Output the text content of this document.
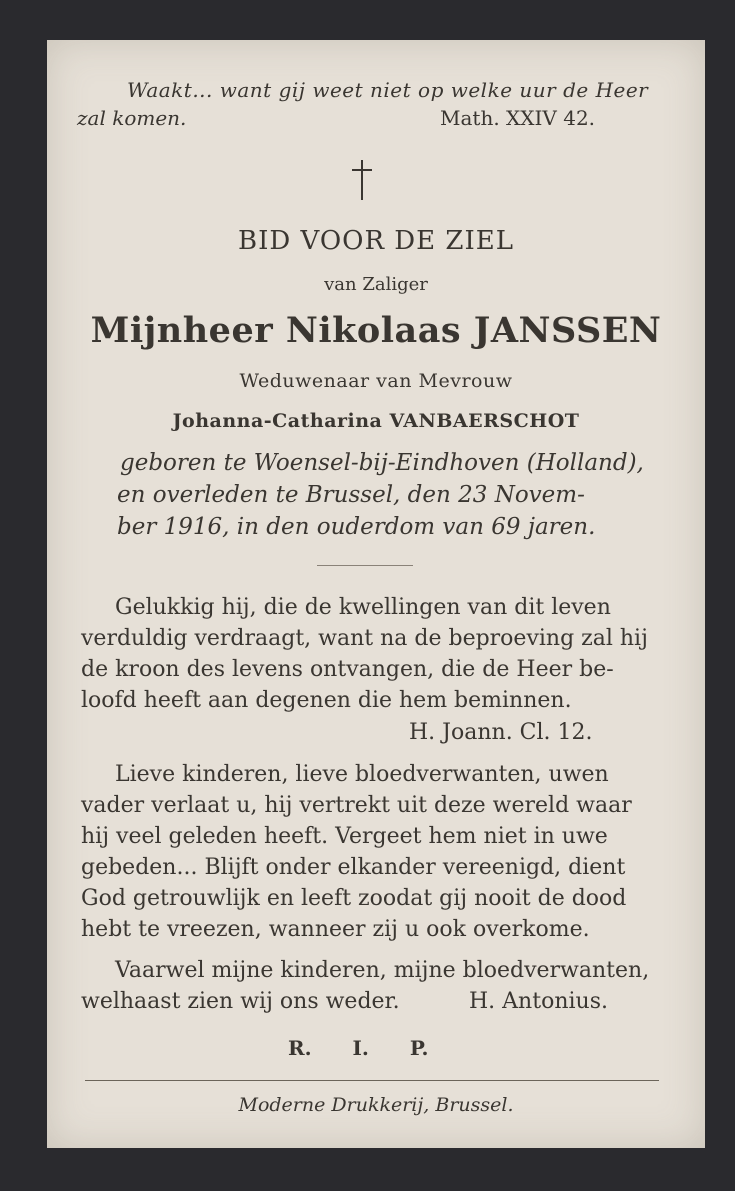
Waakt... want gij weet niet op welke uur de Heer
zal komen.	Math. XXIV 42.
BID VOOR DE ZIEL
van Zaliger
Mijnheer Nikolaas JANSSEN
Weduwenaar van Mevrouw
Johanna-Catharina VANBAERSCHOT
geboren te Woensel-bij-Eindhoven (Holland),
en overleden te Brussel, den 23 Novem-
ber 1916, in den ouderdom van 69 jaren.
Gelukkig hij, die de kwellingen van dit leven
verduldig verdraagt, want na de beproeving zal hij
de kroon des levens ontvangen, die de Heer be-
loofd heeft aan degenen die hem beminnen.
H. Joann. Cl. 12.
Lieve kinderen, lieve bloedverwanten, uwen
vader verlaat u, hij vertrekt uit deze wereld waar
hij veel geleden heeft. Vergeet hem niet in uwe
gebeden... Blijft onder elkander vereenigd, dient
God getrouwlijk en leeft zoodat gij nooit de dood
hebt te vreezen, wanneer zij u ook overkome.
Vaarwel mijne kinderen, mijne bloedverwanten,
welhaast zien wij ons weder.	H. Antonius.
R. I. P.
Moderne Drukkerij, Brussel.
